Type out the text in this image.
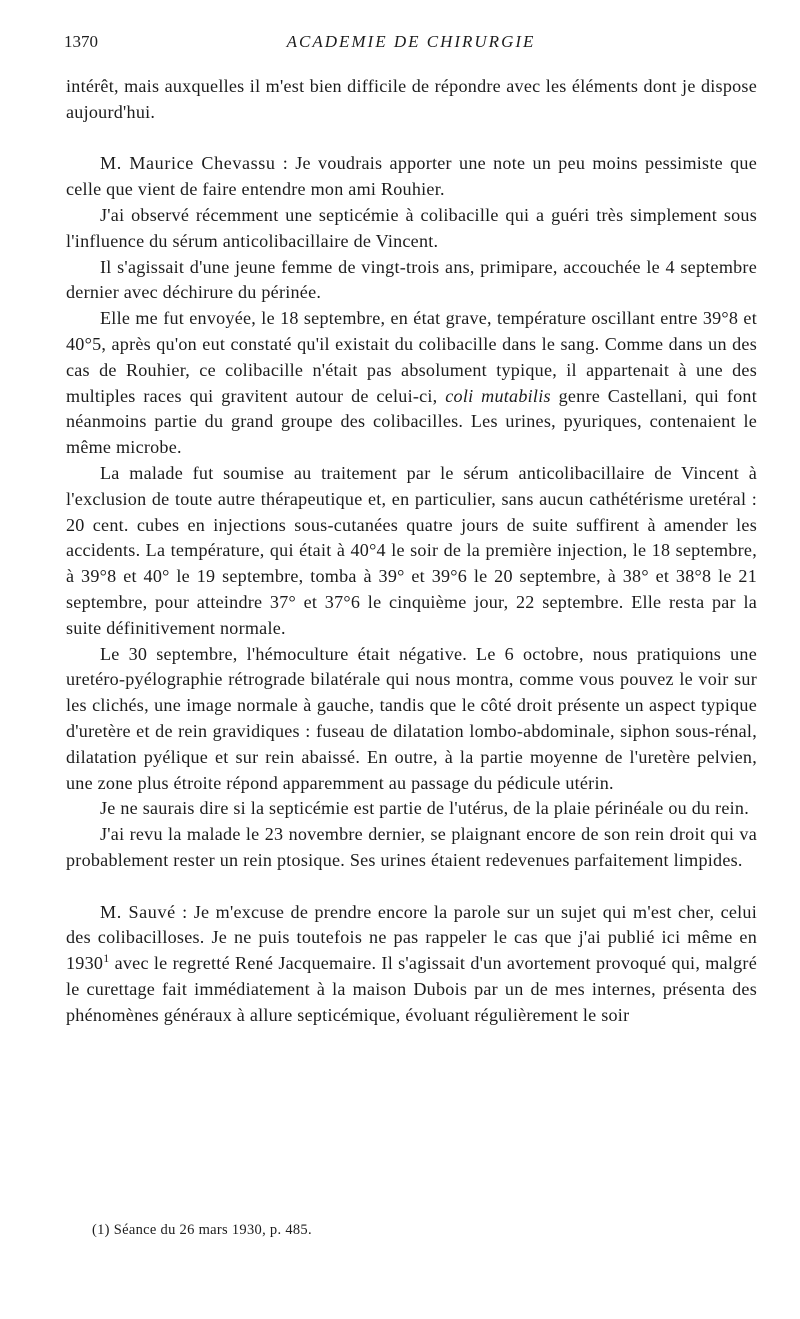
1370	ACADEMIE DE CHIRURGIE

intérêt, mais auxquelles il m'est bien difficile de répondre avec les éléments dont je dispose aujourd'hui.

M. Maurice Chevassu : Je voudrais apporter une note un peu moins pessimiste que celle que vient de faire entendre mon ami Rouhier.

J'ai observé récemment une septicémie à colibacille qui a guéri très simplement sous l'influence du sérum anticolibacillaire de Vincent.

Il s'agissait d'une jeune femme de vingt-trois ans, primipare, accouchée le 4 septembre dernier avec déchirure du périnée.

Elle me fut envoyée, le 18 septembre, en état grave, température oscillant entre 39°8 et 40°5, après qu'on eut constaté qu'il existait du colibacille dans le sang. Comme dans un des cas de Rouhier, ce colibacille n'était pas absolument typique, il appartenait à une des multiples races qui gravitent autour de celui-ci, coli mutabilis genre Castellani, qui font néanmoins partie du grand groupe des colibacilles. Les urines, pyuriques, contenaient le même microbe.

La malade fut soumise au traitement par le sérum anticolibacillaire de Vincent à l'exclusion de toute autre thérapeutique et, en particulier, sans aucun cathétérisme uretéral : 20 cent. cubes en injections sous-cutanées quatre jours de suite suffirent à amender les accidents. La température, qui était à 40°4 le soir de la première injection, le 18 septembre, à 39°8 et 40° le 19 septembre, tomba à 39° et 39°6 le 20 septembre, à 38° et 38°8 le 21 septembre, pour atteindre 37° et 37°6 le cinquième jour, 22 septembre. Elle resta par la suite définitivement normale.

Le 30 septembre, l'hémoculture était négative. Le 6 octobre, nous pratiquions une uretéro-pyélographie rétrograde bilatérale qui nous montra, comme vous pouvez le voir sur les clichés, une image normale à gauche, tandis que le côté droit présente un aspect typique d'uretère et de rein gravidiques : fuseau de dilatation lombo-abdominale, siphon sous-rénal, dilatation pyélique et sur rein abaissé. En outre, à la partie moyenne de l'uretère pelvien, une zone plus étroite répond apparemment au passage du pédicule utérin.

Je ne saurais dire si la septicémie est partie de l'utérus, de la plaie périnéale ou du rein.

J'ai revu la malade le 23 novembre dernier, se plaignant encore de son rein droit qui va probablement rester un rein ptosique. Ses urines étaient redevenues parfaitement limpides.

M. Sauvé : Je m'excuse de prendre encore la parole sur un sujet qui m'est cher, celui des colibacilloses. Je ne puis toutefois ne pas rappeler le cas que j'ai publié ici même en 1930$^1$ avec le regretté René Jacquemaire. Il s'agissait d'un avortement provoqué qui, malgré le curettage fait immédiatement à la maison Dubois par un de mes internes, présenta des phénomènes généraux à allure septicémique, évoluant régulièrement le soir

(1) Séance du 26 mars 1930, p. 485.
